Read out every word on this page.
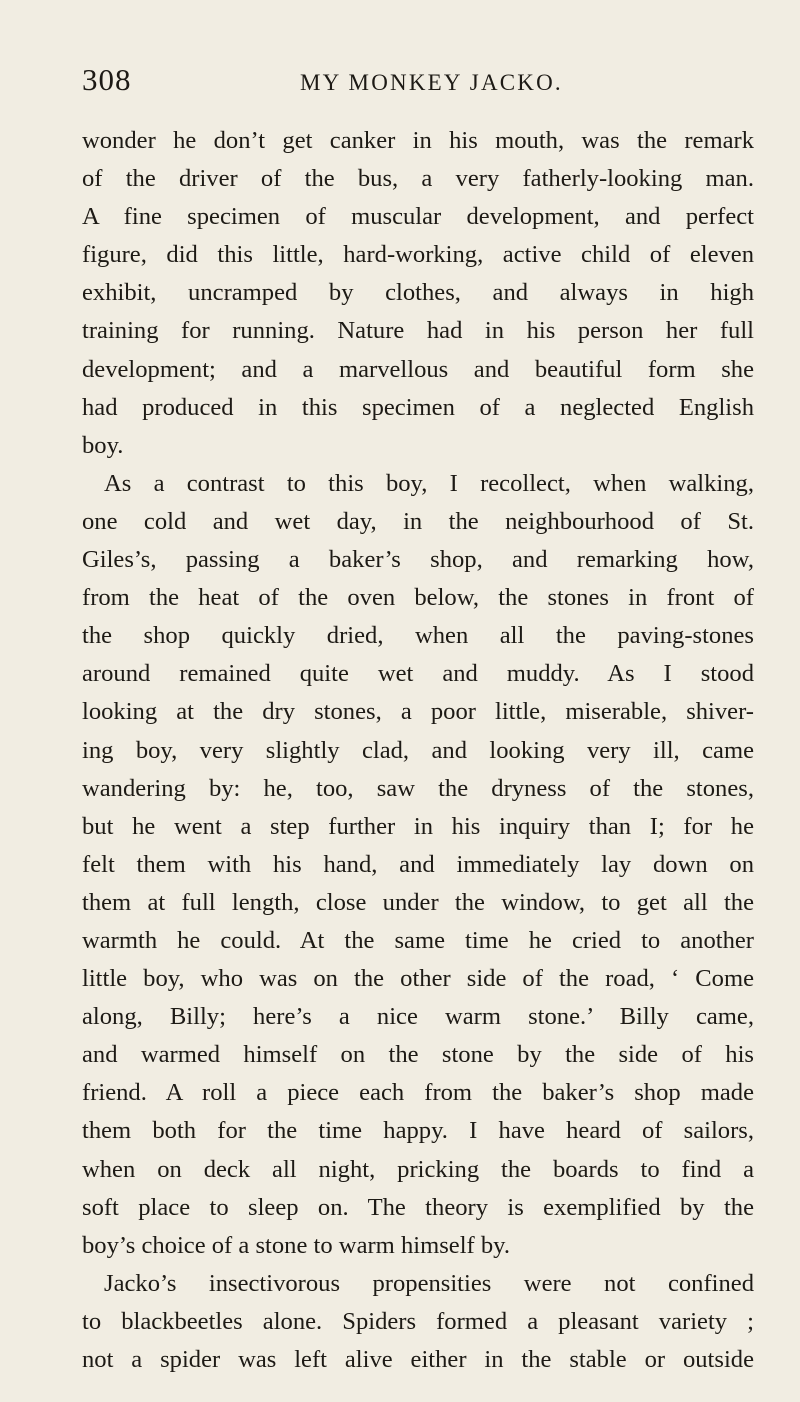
308	MY MONKEY JACKO.
wonder he don’t get canker in his mouth, was the remark
of the driver of the bus, a very fatherly-looking man.
A fine specimen of muscular development, and perfect
figure, did this little, hard-working, active child of eleven
exhibit, uncramped by clothes, and always in high
training for running. Nature had in his person her full
development; and a marvellous and beautiful form she
had produced in this specimen of a neglected English
boy.
As a contrast to this boy, I recollect, when walking,
one cold and wet day, in the neighbourhood of St.
Giles’s, passing a baker’s shop, and remarking how,
from the heat of the oven below, the stones in front of
the shop quickly dried, when all the paving-stones
around remained quite wet and muddy. As I stood
looking at the dry stones, a poor little, miserable, shiver-
ing boy, very slightly clad, and looking very ill, came
wandering by: he, too, saw the dryness of the stones,
but he went a step further in his inquiry than I; for he
felt them with his hand, and immediately lay down on
them at full length, close under the window, to get all the
warmth he could. At the same time he cried to another
little boy, who was on the other side of the road, ‘ Come
along, Billy; here’s a nice warm stone.’ Billy came,
and warmed himself on the stone by the side of his
friend. A roll a piece each from the baker’s shop made
them both for the time happy. I have heard of sailors,
when on deck all night, pricking the boards to find a
soft place to sleep on. The theory is exemplified by the
boy’s choice of a stone to warm himself by.
Jacko’s insectivorous propensities were not confined
to blackbeetles alone. Spiders formed a pleasant variety ;
not a spider was left alive either in the stable or outside
